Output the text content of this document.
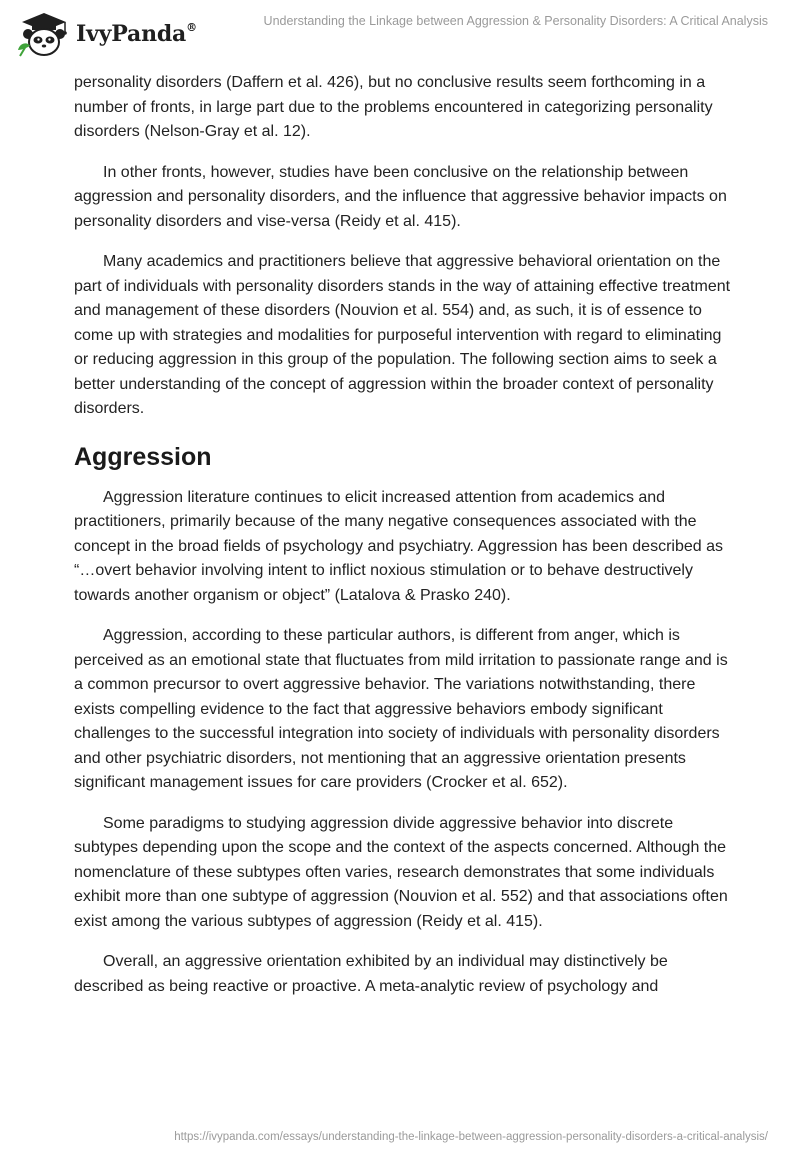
IvyPanda®	Understanding the Linkage between Aggression & Personality Disorders: A Critical Analysis

personality disorders (Daffern et al. 426), but no conclusive results seem forthcoming in a number of fronts, in large part due to the problems encountered in categorizing personality disorders (Nelson-Gray et al. 12).

In other fronts, however, studies have been conclusive on the relationship between aggression and personality disorders, and the influence that aggressive behavior impacts on personality disorders and vise-versa (Reidy et al. 415).

Many academics and practitioners believe that aggressive behavioral orientation on the part of individuals with personality disorders stands in the way of attaining effective treatment and management of these disorders (Nouvion et al. 554) and, as such, it is of essence to come up with strategies and modalities for purposeful intervention with regard to eliminating or reducing aggression in this group of the population. The following section aims to seek a better understanding of the concept of aggression within the broader context of personality disorders.

Aggression

Aggression literature continues to elicit increased attention from academics and practitioners, primarily because of the many negative consequences associated with the concept in the broad fields of psychology and psychiatry. Aggression has been described as “…overt behavior involving intent to inflict noxious stimulation or to behave destructively towards another organism or object” (Latalova & Prasko 240).

Aggression, according to these particular authors, is different from anger, which is perceived as an emotional state that fluctuates from mild irritation to passionate range and is a common precursor to overt aggressive behavior. The variations notwithstanding, there exists compelling evidence to the fact that aggressive behaviors embody significant challenges to the successful integration into society of individuals with personality disorders and other psychiatric disorders, not mentioning that an aggressive orientation presents significant management issues for care providers (Crocker et al. 652).

Some paradigms to studying aggression divide aggressive behavior into discrete subtypes depending upon the scope and the context of the aspects concerned. Although the nomenclature of these subtypes often varies, research demonstrates that some individuals exhibit more than one subtype of aggression (Nouvion et al. 552) and that associations often exist among the various subtypes of aggression (Reidy et al. 415).

Overall, an aggressive orientation exhibited by an individual may distinctively be described as being reactive or proactive. A meta-analytic review of psychology and

https://ivypanda.com/essays/understanding-the-linkage-between-aggression-personality-disorders-a-critical-analysis/
